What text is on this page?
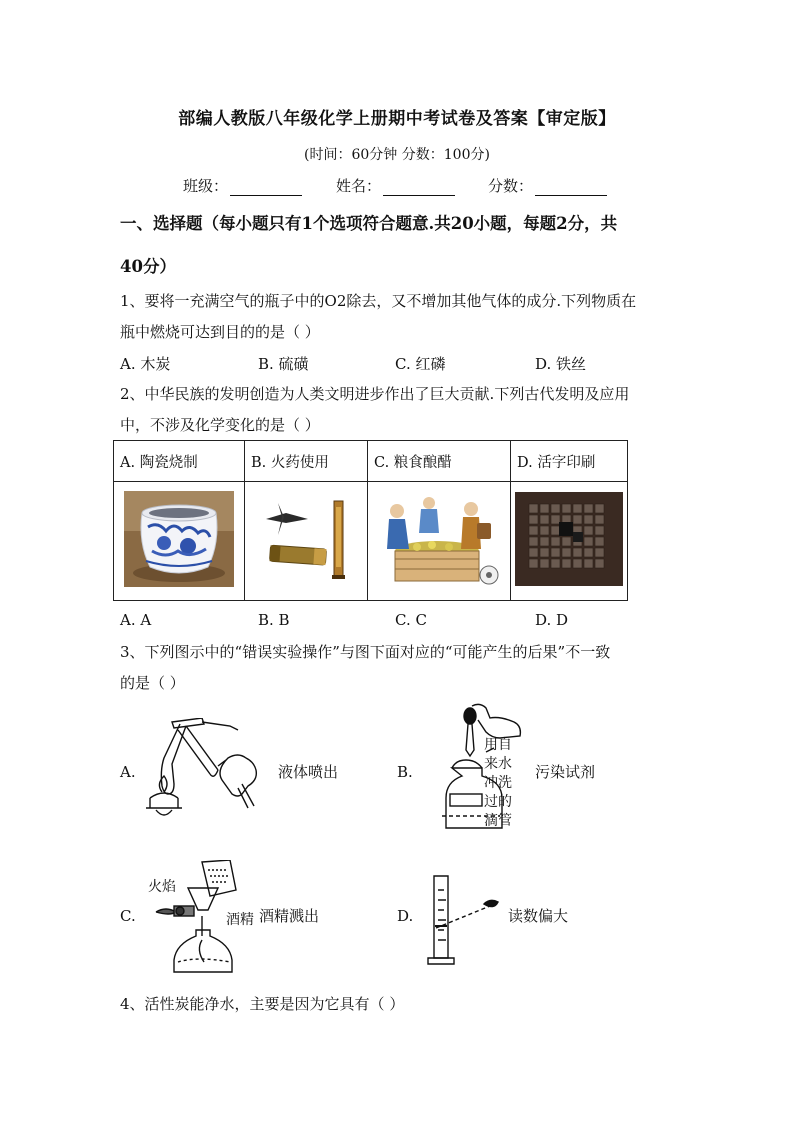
部编人教版八年级化学上册期中考试卷及答案【审定版】
(时间：60分钟 分数：100分)
班级：	姓名：	分数：
一、选择题（每小题只有1个选项符合题意.共20小题，每题2分，共
40分）
1、要将一充满空气的瓶子中的O2除去，又不增加其他气体的成分.下列物质在
瓶中燃烧可达到目的的是（ ）
A. 木炭	B. 硫磺	C. 红磷	D. 铁丝
2、中华民族的发明创造为人类文明进步作出了巨大贡献.下列古代发明及应用
中，不涉及化学变化的是（ ）
A. 陶瓷烧制	B. 火药使用	C. 粮食酿醋	D. 活字印刷

A. A	B. B	C. C	D. D
3、下列图示中的“错误实验操作”与图下面对应的“可能产生的后果”不一致
的是（ ）
A.	液体喷出	B.
用自
来水
冲洗
过的
滴管
污染试剂
C.
火焰
酒精 酒精溅出	D.	读数偏大
4、活性炭能净水，主要是因为它具有（ ）
